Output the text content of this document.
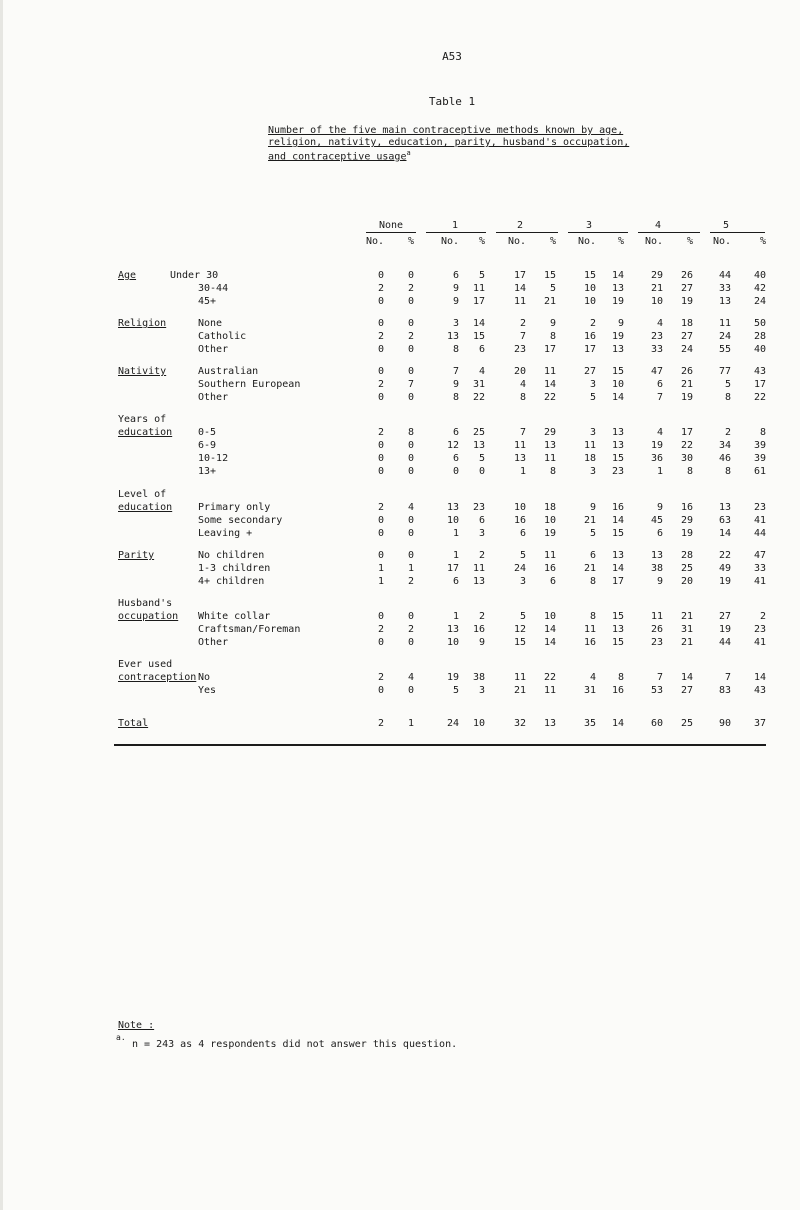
A53
Table 1
Number of the five main contraceptive methods known by age,
religion, nativity, education, parity, husband's occupation,
and contraceptive usage$^a$
None	1	2	3	4	5
No.	%	No.	%	No.	%	No.	%	No.	%	No.	%
Age	Under 30	0	0	6	5	17	15	15	14	29	26	44	40
30-44	2	2	9	11	14	5	10	13	21	27	33	42
45+	0	0	9	17	11	21	10	19	10	19	13	24
Religion	None	0	0	3	14	2	9	2	9	4	18	11	50
Catholic	2	2	13	15	7	8	16	19	23	27	24	28
Other	0	0	8	6	23	17	17	13	33	24	55	40
Nativity	Australian	0	0	7	4	20	11	27	15	47	26	77	43
Southern European	2	7	9	31	4	14	3	10	6	21	5	17
Other	0	0	8	22	8	22	5	14	7	19	8	22
Years of
education	0-5	2	8	6	25	7	29	3	13	4	17	2	8
6-9	0	0	12	13	11	13	11	13	19	22	34	39
10-12	0	0	6	5	13	11	18	15	36	30	46	39
13+	0	0	0	0	1	8	3	23	1	8	8	61
Level of
education	Primary only	2	4	13	23	10	18	9	16	9	16	13	23
Some secondary	0	0	10	6	16	10	21	14	45	29	63	41
Leaving +	0	0	1	3	6	19	5	15	6	19	14	44
Parity	No children	0	0	1	2	5	11	6	13	13	28	22	47
1-3 children	1	1	17	11	24	16	21	14	38	25	49	33
4+ children	1	2	6	13	3	6	8	17	9	20	19	41
Husband's
occupation White collar	0	0	1	2	5	10	8	15	11	21	27	2
Craftsman/Foreman	2	2	13	16	12	14	11	13	26	31	19	23
Other	0	0	10	9	15	14	16	15	23	21	44	41
Ever used
contraception No	2	4	19	38	11	22	4	8	7	14	7	14
Yes	0	0	5	3	21	11	31	16	53	27	83	43
Total	2	1	24	10	32	13	35	14	60	25	90	37
Note :
a.
n = 243 as 4 respondents did not answer this question.
